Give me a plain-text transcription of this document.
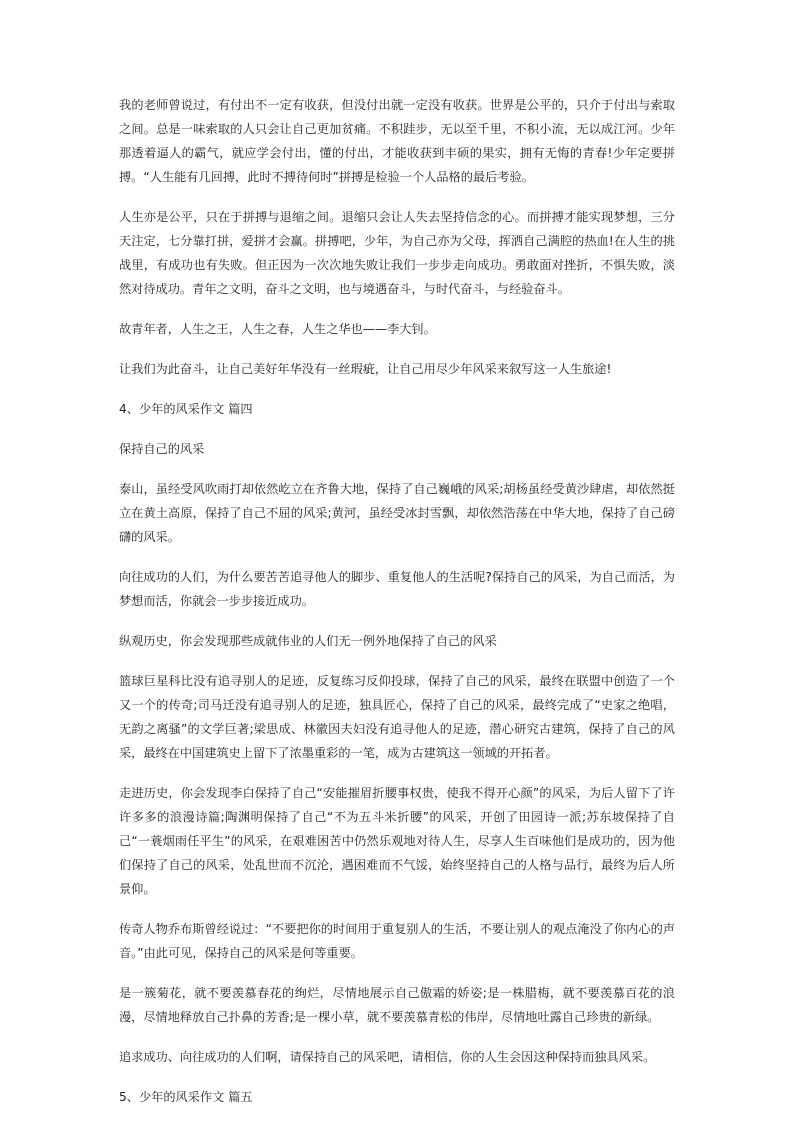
我的老师曾说过，有付出不一定有收获，但没付出就一定没有收获。世界是公平的，只介于付出与索取之间。总是一味索取的人只会让自己更加贫痛。不积跬步，无以至千里，不积小流，无以成江河。少年那透着逼人的霸气，就应学会付出，懂的付出，才能收获到丰硕的果实，拥有无悔的青春!少年定要拼搏。“人生能有几回搏，此时不搏待何时”拼搏是检验一个人品格的最后考验。

人生亦是公平，只在于拼搏与退缩之间。退缩只会让人失去坚持信念的心。而拼搏才能实现梦想，三分天注定，七分靠打拼，爱拼才会赢。拼搏吧，少年，为自己亦为父母，挥洒自己满腔的热血!在人生的挑战里，有成功也有失败。但正因为一次次地失败让我们一步步走向成功。勇敢面对挫折，不惧失败，淡然对待成功。青年之文明，奋斗之文明，也与境遇奋斗，与时代奋斗，与经验奋斗。

故青年者，人生之王，人生之春，人生之华也——李大钊。

让我们为此奋斗，让自己美好年华没有一丝瑕疵，让自己用尽少年风采来叙写这一人生旅途!

4、少年的风采作文 篇四

保持自己的风采

泰山，虽经受风吹雨打却依然屹立在齐鲁大地，保持了自己巍峨的风采;胡杨虽经受黄沙肆虐，却依然挺立在黄土高原，保持了自己不屈的风采;黄河，虽经受冰封雪飘，却依然浩荡在中华大地，保持了自己磅礴的风采。

向往成功的人们，为什么要苦苦追寻他人的脚步、重复他人的生活呢?保持自己的风采，为自己而活，为梦想而活，你就会一步步接近成功。

纵观历史，你会发现那些成就伟业的人们无一例外地保持了自己的风采

篮球巨星科比没有追寻别人的足迹，反复练习反仰投球，保持了自己的风采，最终在联盟中创造了一个又一个的传奇;司马迁没有追寻别人的足迹，独具匠心，保持了自己的风采，最终完成了“史家之绝唱，无韵之离骚”的文学巨著;梁思成、林徽因夫妇没有追寻他人的足迹，潜心研究古建筑，保持了自己的风采，最终在中国建筑史上留下了浓墨重彩的一笔，成为古建筑这一领域的开拓者。

走进历史，你会发现李白保持了自己“安能摧眉折腰事权贵，使我不得开心颜”的风采，为后人留下了许许多多的浪漫诗篇;陶渊明保持了自己“不为五斗米折腰”的风采，开创了田园诗一派;苏东坡保持了自己“一蓑烟雨任平生”的风采，在艰难困苦中仍然乐观地对待人生，尽享人生百味他们是成功的，因为他们保持了自己的风采，处乱世而不沉沦，遇困难而不气馁，始终坚持自己的人格与品行，最终为后人所景仰。

传奇人物乔布斯曾经说过：“不要把你的时间用于重复别人的生活，不要让别人的观点淹没了你内心的声音。”由此可见，保持自己的风采是何等重要。

是一簇菊花，就不要羡慕春花的绚烂，尽情地展示自己傲霜的娇姿;是一株腊梅，就不要羡慕百花的浪漫，尽情地释放自己扑鼻的芳香;是一棵小草，就不要羡慕青松的伟岸，尽情地吐露自己珍贵的新绿。

追求成功、向往成功的人们啊，请保持自己的风采吧，请相信，你的人生会因这种保持而独具风采。

5、少年的风采作文 篇五
